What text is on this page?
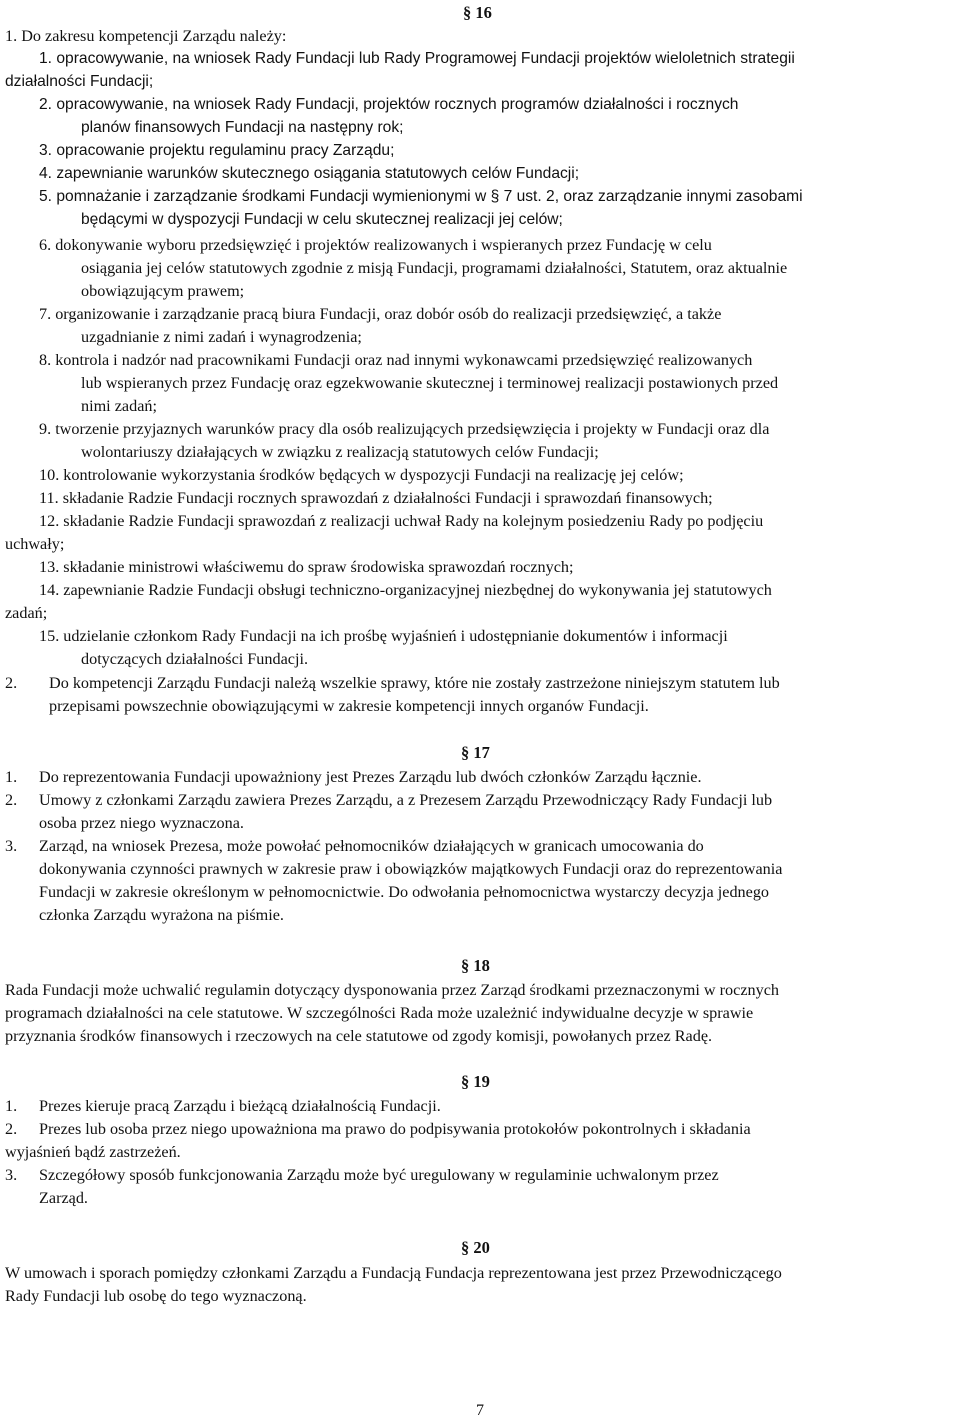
§ 16
1. Do zakresu kompetencji Zarządu należy:
1. opracowywanie, na wniosek Rady Fundacji lub Rady Programowej Fundacji projektów wieloletnich strategii
działalności Fundacji;
2. opracowywanie, na wniosek Rady Fundacji, projektów rocznych programów działalności i rocznych
planów finansowych Fundacji na następny rok;
3. opracowanie projektu regulaminu pracy Zarządu;
4. zapewnianie warunków skutecznego osiągania statutowych celów Fundacji;
5. pomnażanie i zarządzanie środkami Fundacji wymienionymi w § 7 ust. 2, oraz zarządzanie innymi zasobami
będącymi w dyspozycji Fundacji w celu skutecznej realizacji jej celów;
6. dokonywanie wyboru przedsięwzięć i projektów realizowanych i wspieranych przez Fundację w celu
osiągania jej celów statutowych zgodnie z misją Fundacji, programami działalności, Statutem, oraz aktualnie
obowiązującym prawem;
7. organizowanie i zarządzanie pracą biura Fundacji, oraz dobór osób do realizacji przedsięwzięć, a także
uzgadnianie z nimi zadań i wynagrodzenia;
8. kontrola i nadzór nad pracownikami Fundacji oraz nad innymi wykonawcami przedsięwzięć realizowanych
lub wspieranych przez Fundację oraz egzekwowanie skutecznej i terminowej realizacji postawionych przed
nimi zadań;
9. tworzenie przyjaznych warunków pracy dla osób realizujących przedsięwzięcia i projekty w Fundacji oraz dla
wolontariuszy działających w związku z realizacją statutowych celów Fundacji;
10. kontrolowanie wykorzystania środków będących w dyspozycji Fundacji na realizację jej celów;
11. składanie Radzie Fundacji rocznych sprawozdań z działalności Fundacji i sprawozdań finansowych;
12. składanie Radzie Fundacji sprawozdań z realizacji uchwał Rady na kolejnym posiedzeniu Rady po podjęciu
uchwały;
13. składanie ministrowi właściwemu do spraw środowiska sprawozdań rocznych;
14. zapewnianie Radzie Fundacji obsługi techniczno-organizacyjnej niezbędnej do wykonywania jej statutowych
zadań;
15. udzielanie członkom Rady Fundacji na ich prośbę wyjaśnień i udostępnianie dokumentów i informacji
dotyczących działalności Fundacji.
2. Do kompetencji Zarządu Fundacji należą wszelkie sprawy, które nie zostały zastrzeżone niniejszym statutem lub
przepisami powszechnie obowiązującymi w zakresie kompetencji innych organów Fundacji.
§ 17
1. Do reprezentowania Fundacji upoważniony jest Prezes Zarządu lub dwóch członków Zarządu łącznie.
2. Umowy z członkami Zarządu zawiera Prezes Zarządu, a z Prezesem Zarządu Przewodniczący Rady Fundacji lub
osoba przez niego wyznaczona.
3. Zarząd, na wniosek Prezesa, może powołać pełnomocników działających w granicach umocowania do
dokonywania czynności prawnych w zakresie praw i obowiązków majątkowych Fundacji oraz do reprezentowania
Fundacji w zakresie określonym w pełnomocnictwie. Do odwołania pełnomocnictwa wystarczy decyzja jednego
członka Zarządu wyrażona na piśmie.
§ 18
Rada Fundacji może uchwalić regulamin dotyczący dysponowania przez Zarząd środkami przeznaczonymi w rocznych
programach działalności na cele statutowe. W szczególności Rada może uzależnić indywidualne decyzje w sprawie
przyznania środków finansowych i rzeczowych na cele statutowe od zgody komisji, powołanych przez Radę.
§ 19
1. Prezes kieruje pracą Zarządu i bieżącą działalnością Fundacji.
2. Prezes lub osoba przez niego upoważniona ma prawo do podpisywania protokołów pokontrolnych i składania
wyjaśnień bądź zastrzeżeń.
3. Szczegółowy sposób funkcjonowania Zarządu może być uregulowany w regulaminie uchwalonym przez
Zarząd.
§ 20
W umowach i sporach pomiędzy członkami Zarządu a Fundacją Fundacja reprezentowana jest przez Przewodniczącego
Rady Fundacji lub osobę do tego wyznaczoną.
7
